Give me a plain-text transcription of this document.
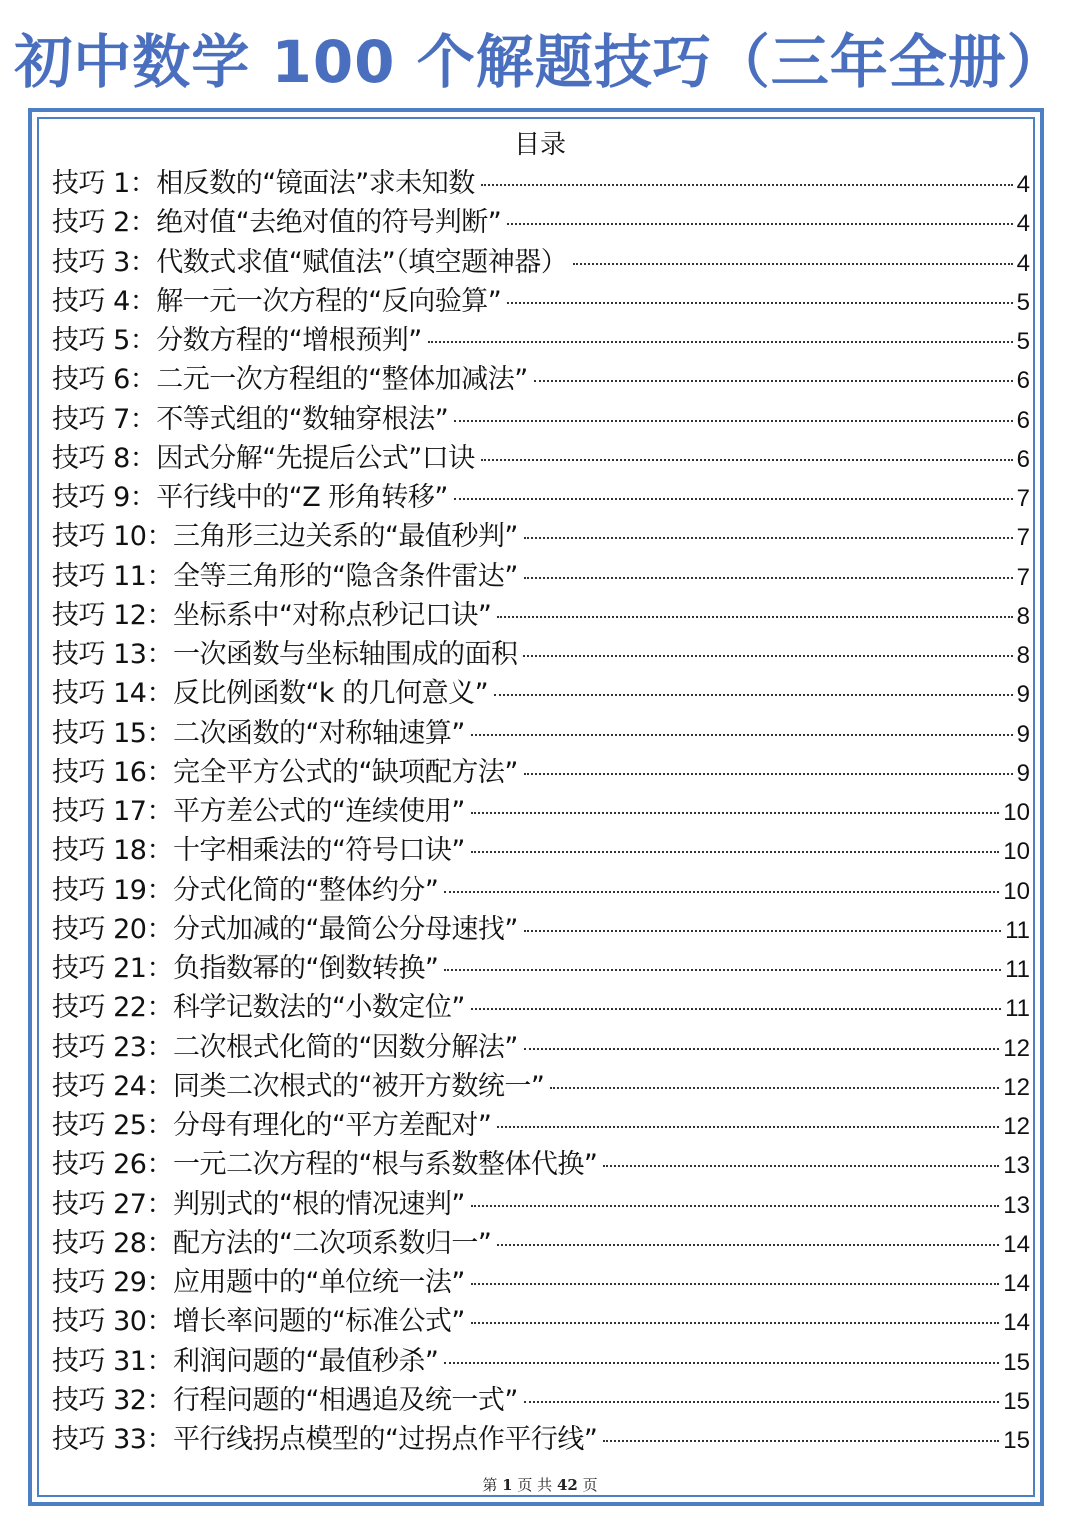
初中数学 100 个解题技巧（三年全册）
目录
技巧 1：相反数的“镜面法”求未知数	4
技巧 2：绝对值“去绝对值的符号判断”	4
技巧 3：代数式求值“赋值法”（填空题神器）	4
技巧 4：解一元一次方程的“反向验算”	5
技巧 5：分数方程的“增根预判”	5
技巧 6：二元一次方程组的“整体加减法”	6
技巧 7：不等式组的“数轴穿根法”	6
技巧 8：因式分解“先提后公式”口诀	6
技巧 9：平行线中的“Z 形角转移”	7
技巧 10：三角形三边关系的“最值秒判”	7
技巧 11：全等三角形的“隐含条件雷达”	7
技巧 12：坐标系中“对称点秒记口诀”	8
技巧 13：一次函数与坐标轴围成的面积	8
技巧 14：反比例函数“k 的几何意义”	9
技巧 15：二次函数的“对称轴速算”	9
技巧 16：完全平方公式的“缺项配方法”	9
技巧 17：平方差公式的“连续使用”	10
技巧 18：十字相乘法的“符号口诀”	10
技巧 19：分式化简的“整体约分”	10
技巧 20：分式加减的“最简公分母速找”	11
技巧 21：负指数幂的“倒数转换”	11
技巧 22：科学记数法的“小数定位”	11
技巧 23：二次根式化简的“因数分解法”	12
技巧 24：同类二次根式的“被开方数统一”	12
技巧 25：分母有理化的“平方差配对”	12
技巧 26：一元二次方程的“根与系数整体代换”	13
技巧 27：判别式的“根的情况速判”	13
技巧 28：配方法的“二次项系数归一”	14
技巧 29：应用题中的“单位统一法”	14
技巧 30：增长率问题的“标准公式”	14
技巧 31：利润问题的“最值秒杀”	15
技巧 32：行程问题的“相遇追及统一式”	15
技巧 33：平行线拐点模型的“过拐点作平行线”	15
第 1 页 共 42 页
